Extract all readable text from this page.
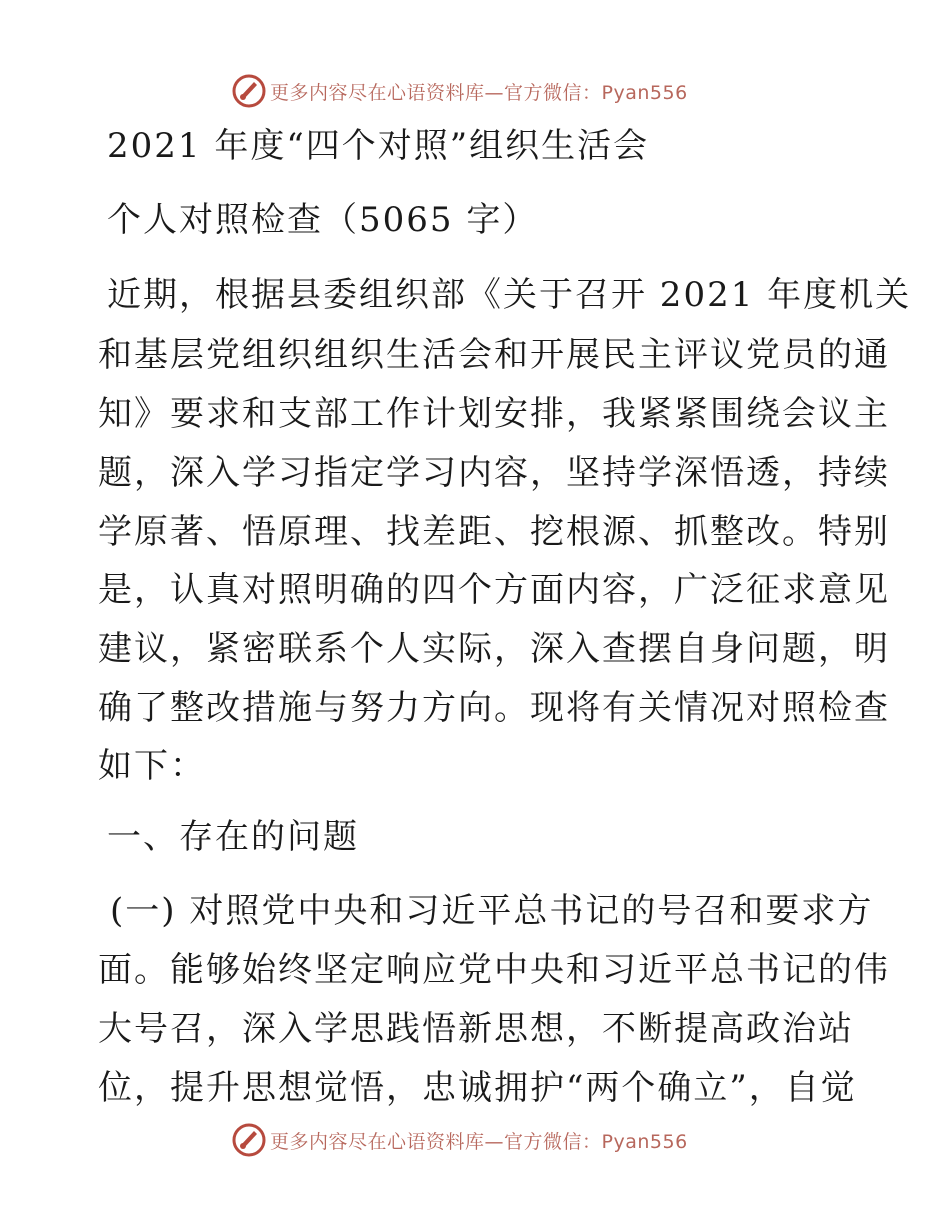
更多内容尽在心语资料库—官方微信：Pyan556
2021 年度“四个对照”组织生活会
个人对照检查（5065 字）
近期，根据县委组织部《关于召开 2021 年度机关
和基层党组织组织生活会和开展民主评议党员的通
知》要求和支部工作计划安排，我紧紧围绕会议主
题，深入学习指定学习内容，坚持学深悟透，持续
学原著、悟原理、找差距、挖根源、抓整改。特别
是，认真对照明确的四个方面内容，广泛征求意见
建议，紧密联系个人实际，深入查摆自身问题，明
确了整改措施与努力方向。现将有关情况对照检查
如下：
一、存在的问题
(一) 对照党中央和习近平总书记的号召和要求方
面。能够始终坚定响应党中央和习近平总书记的伟
大号召，深入学思践悟新思想，不断提高政治站
位，提升思想觉悟，忠诚拥护“两个确立”，自觉
更多内容尽在心语资料库—官方微信：Pyan556
